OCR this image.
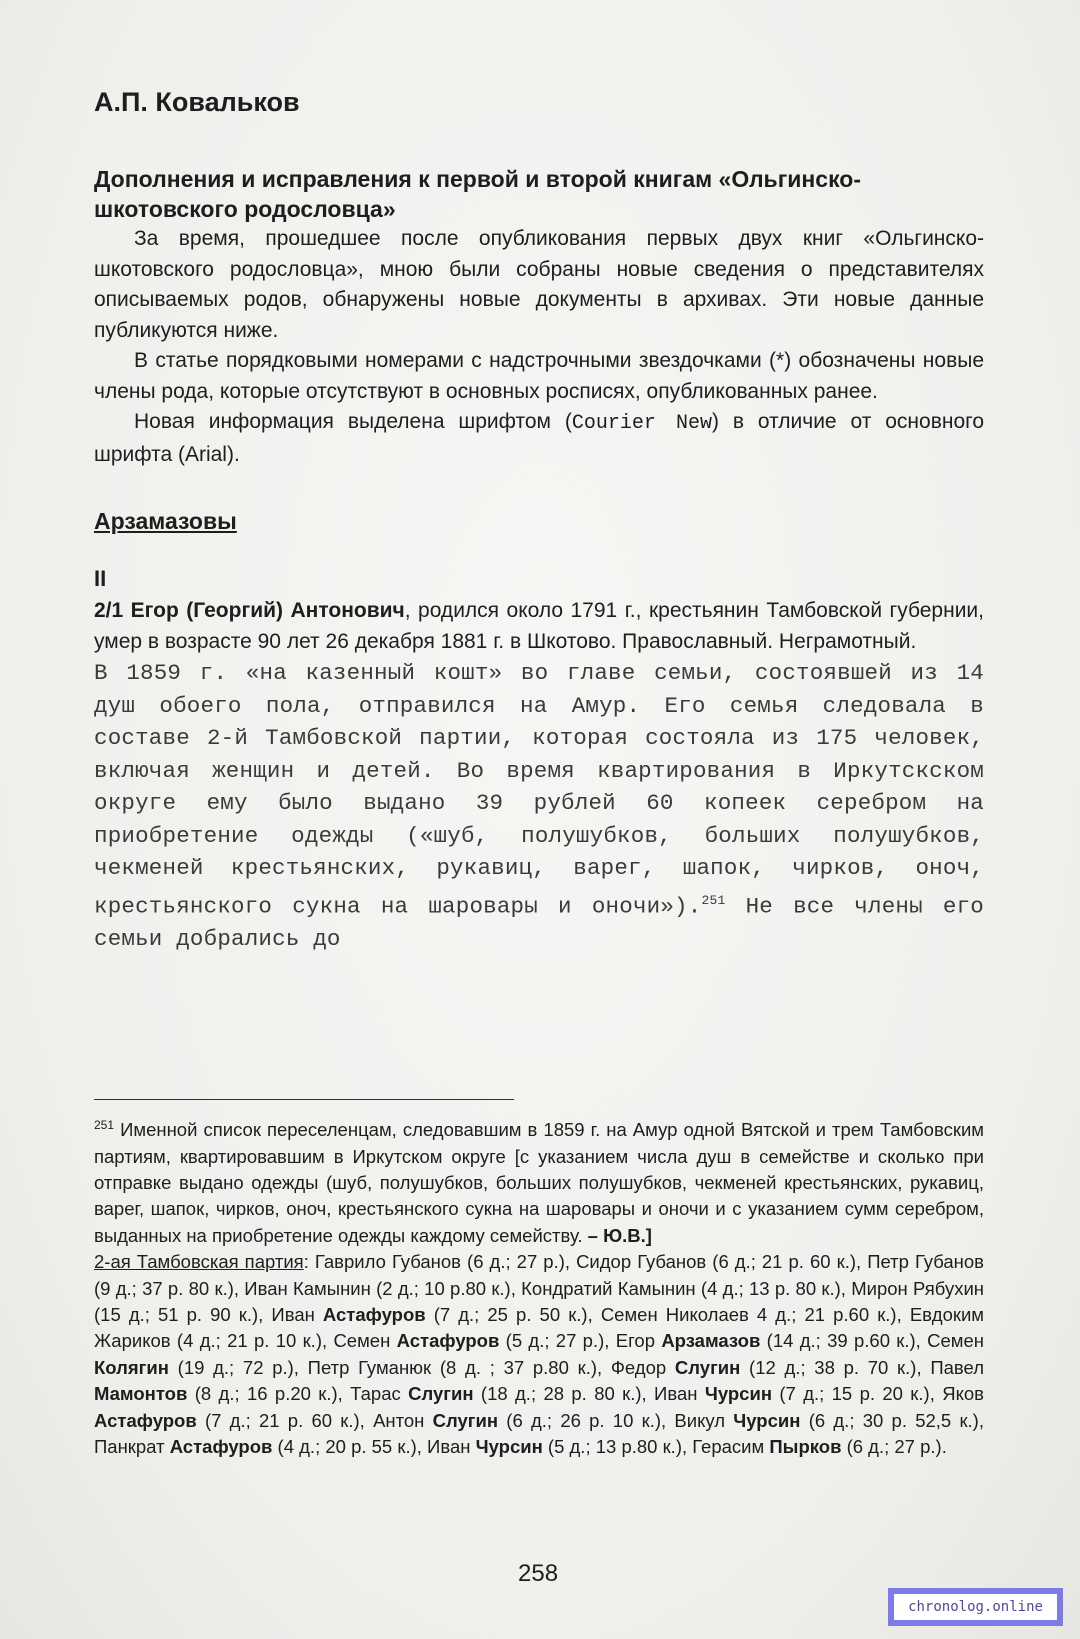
А.П. Ковальков
Дополнения и исправления к первой и второй книгам «Ольгинско-шкотовского родословца»

За время, прошедшее после опубликования первых двух книг «Ольгинско-шкотовского родословца», мною были собраны новые сведения о представителях описываемых родов, обнаружены новые документы в архивах. Эти новые данные публикуются ниже.

В статье порядковыми номерами с надстрочными звездочками (*) обозначены новые члены рода, которые отсутствуют в основных росписях, опубликованных ранее.

Новая информация выделена шрифтом (Courier New) в отличие от основного шрифта (Arial).

Арзамазовы
II

2/1 Егор (Георгий) Антонович, родился около 1791 г., крестьянин Тамбовской губернии, умер в возрасте 90 лет 26 декабря 1881 г. в Шкотово. Православный. Неграмотный.

В 1859 г. «на казенный кошт» во главе семьи, состоявшей из 14 душ обоего пола, отправился на Амур. Его семья следовала в составе 2-й Тамбовской партии, которая состояла из 175 человек, включая женщин и детей. Во время квартирования в Иркутскском округе ему было выдано 39 рублей 60 копеек серебром на приобретение одежды («шуб, полушубков, больших полушубков, чекменей крестьянских, рукавиц, варег, шапок, чирков, оноч, крестьянского сукна на шаровары и оночи»).$^{251}$ Не все члены его семьи добрались до

$^{251}$ Именной список переселенцам, следовавшим в 1859 г. на Амур одной Вятской и трем Тамбовским партиям, квартировавшим в Иркутском округе [с указанием числа душ в семействе и сколько при отправке выдано одежды (шуб, полушубков, больших полушубков, чекменей крестьянских, рукавиц, варег, шапок, чирков, оноч, крестьянского сукна на шаровары и оночи и с указанием сумм серебром, выданных на приобретение одежды каждому семейству. – Ю.В.]

2-ая Тамбовская партия: Гаврило Губанов (6 д.; 27 р.), Сидор Губанов (6 д.; 21 р. 60 к.), Петр Губанов (9 д.; 37 р. 80 к.), Иван Камынин (2 д.; 10 р.80 к.), Кондратий Камынин (4 д.; 13 р. 80 к.), Мирон Рябухин (15 д.; 51 р. 90 к.), Иван Астафуров (7 д.; 25 р. 50 к.), Семен Николаев 4 д.; 21 р.60 к.), Евдоким Жариков (4 д.; 21 р. 10 к.), Семен Астафуров (5 д.; 27 р.), Егор Арзамазов (14 д.; 39 р.60 к.), Семен Колягин (19 д.; 72 р.), Петр Гуманюк (8 д. ; 37 р.80 к.), Федор Слугин (12 д.; 38 р. 70 к.), Павел Мамонтов (8 д.; 16 р.20 к.), Тарас Слугин (18 д.; 28 р. 80 к.), Иван Чурсин (7 д.; 15 р. 20 к.), Яков Астафуров (7 д.; 21 р. 60 к.), Антон Слугин (6 д.; 26 р. 10 к.), Викул Чурсин (6 д.; 30 р. 52,5 к.), Панкрат Астафуров (4 д.; 20 р. 55 к.), Иван Чурсин (5 д.; 13 р.80 к.), Герасим Пырков (6 д.; 27 р.).

258
chronolog.online
